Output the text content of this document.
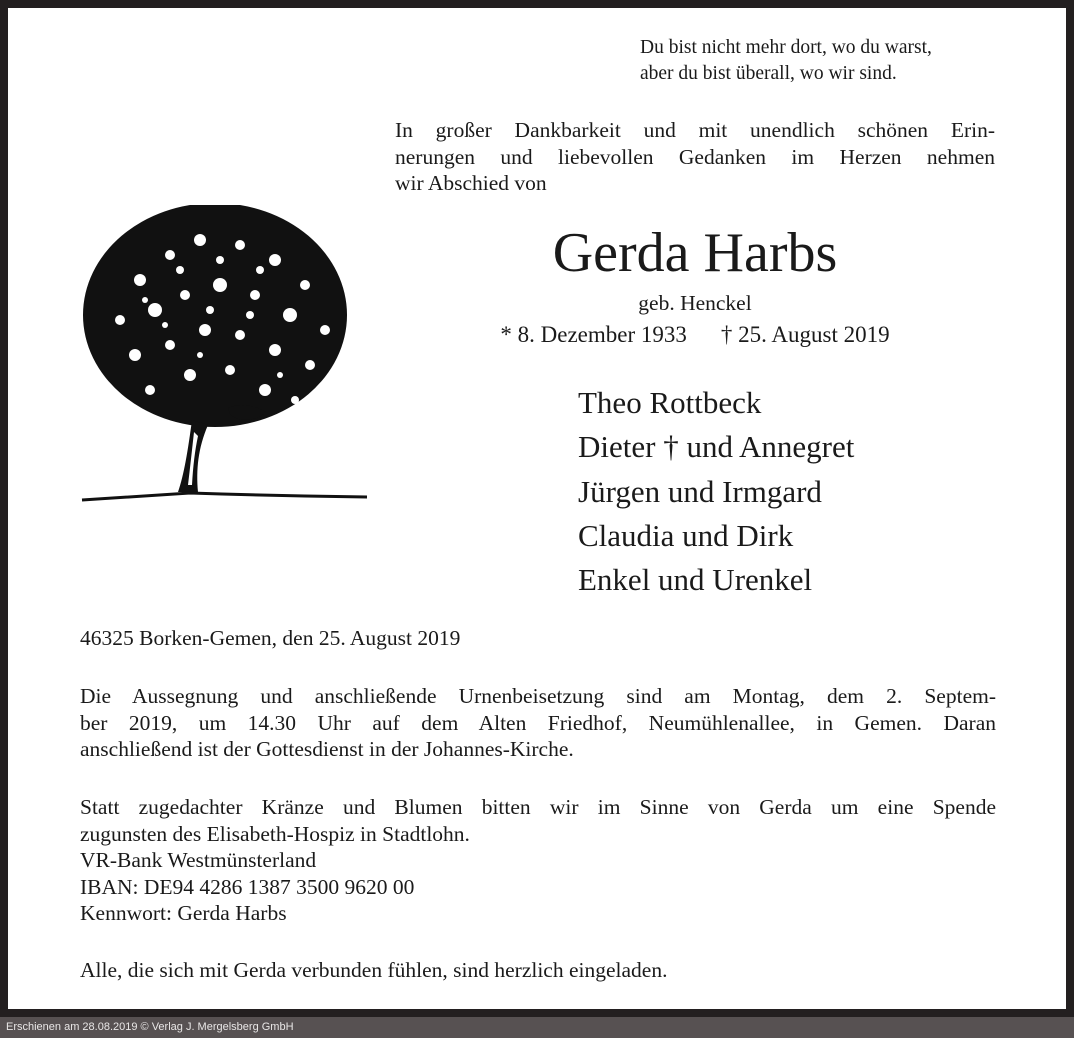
Du bist nicht mehr dort, wo du warst,
aber du bist überall, wo wir sind.
In großer Dankbarkeit und mit unendlich schönen Erin-
nerungen und liebevollen Gedanken im Herzen nehmen
wir Abschied von
Gerda Harbs
geb. Henckel
* 8. Dezember 1933 † 25. August 2019
Theo Rottbeck
Dieter † und Annegret
Jürgen und Irmgard
Claudia und Dirk
Enkel und Urenkel
46325 Borken-Gemen, den 25. August 2019
Die Aussegnung und anschließende Urnenbeisetzung sind am Montag, dem 2. Septem-
ber 2019, um 14.30 Uhr auf dem Alten Friedhof, Neumühlenallee, in Gemen. Daran
anschließend ist der Gottesdienst in der Johannes-Kirche.
Statt zugedachter Kränze und Blumen bitten wir im Sinne von Gerda um eine Spende
zugunsten des Elisabeth-Hospiz in Stadtlohn.
VR-Bank Westmünsterland
IBAN: DE94 4286 1387 3500 9620 00
Kennwort: Gerda Harbs
Alle, die sich mit Gerda verbunden fühlen, sind herzlich eingeladen.
Erschienen am 28.08.2019 © Verlag J. Mergelsberg GmbH
